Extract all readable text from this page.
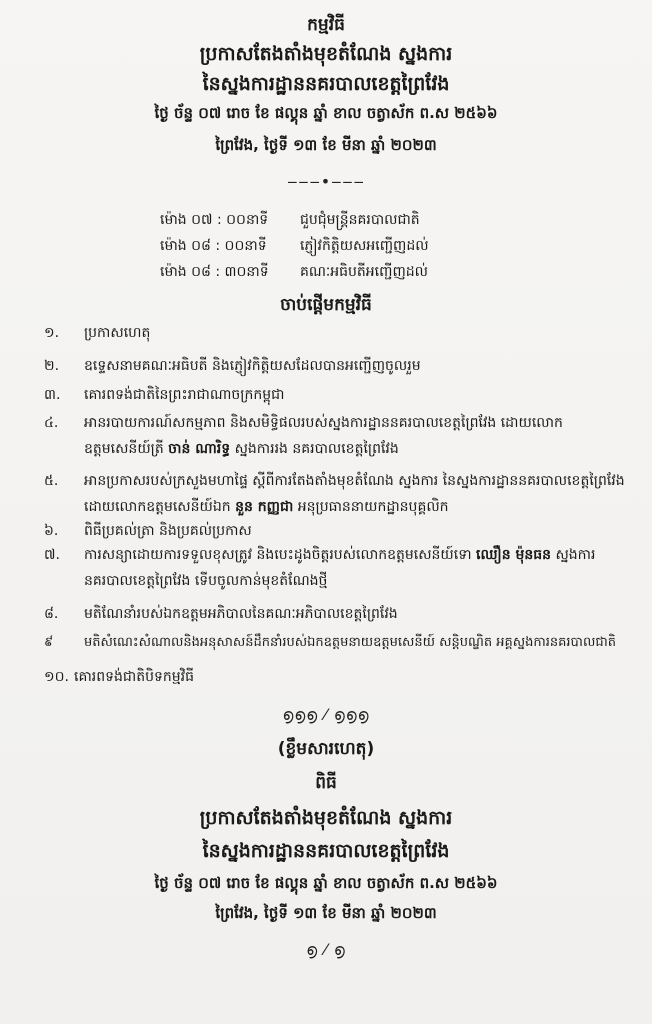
កម្មវិធី
ប្រកាសតែងតាំងមុខតំណែង ស្នងការ
នៃស្នងការដ្ឋាននគរបាលខេត្តព្រៃវែង
ថ្ងៃ ច័ន្ទ ០៧ រោច ខែ ផល្គុន ឆ្នាំ ខាល ចត្វាស័ក ព.ស ២៥៦៦
ព្រៃវែង, ថ្ងៃទី ១៣ ខែ មីនា ឆ្នាំ ២០២៣
‒‒‒•‒‒‒
ម៉ោង ០៧ : ០០នាទី ជួបជុំមន្ត្រីនគរបាលជាតិ
ម៉ោង ០៨ : ០០នាទី ភ្ញៀវកិត្តិយសអញ្ជើញដល់
ម៉ោង ០៨ : ៣០នាទី គណៈអធិបតីអញ្ជើញដល់
ចាប់ផ្តើមកម្មវិធី
១.	ប្រកាសហេតុ
២.	ឧទ្ទេសនាមគណៈអធិបតី និងភ្ញៀវកិត្តិយសដែលបានអញ្ជើញចូលរួម
៣.	គោរពទង់ជាតិនៃព្រះរាជាណាចក្រកម្ពុជា
៤.	អានរបាយការណ៍សកម្មភាព និងសមិទ្ធិផលរបស់ស្នងការដ្ឋាននគរបាលខេត្តព្រៃវែង ដោយលោក
ឧត្តមសេនីយ៍ត្រី ចាន់ ណារិទ្ធ ស្នងការរង នគរបាលខេត្តព្រៃវែង
៥.	អានប្រកាសរបស់ក្រសួងមហាផ្ទៃ ស្តីពីការតែងតាំងមុខតំណែង ស្នងការ នៃស្នងការដ្ឋាននគរបាលខេត្តព្រៃវែង
ដោយលោកឧត្តមសេនីយ៍ឯក នួន កញ្ញជា អនុប្រធាននាយកដ្ឋានបុគ្គលិក
៦.	ពិធីប្រគល់ត្រា និងប្រគល់ប្រកាស
៧.	ការសន្យាដោយការទទួលខុសត្រូវ និងបេះដូងចិត្តរបស់លោកឧត្តមសេនីយ៍ទោ ឈឿន ម៉ុនធន ស្នងការ
នគរបាលខេត្តព្រៃវែង ទើបចូលកាន់មុខតំណែងថ្មី
៨.	មតិណែនាំរបស់ឯកឧត្តមអភិបាលនៃគណៈអភិបាលខេត្តព្រៃវែង
៩	មតិសំណេះសំណាលនិងអនុសាសន៍ដឹកនាំរបស់ឯកឧត្តមនាយឧត្តមសេនីយ៍ សន្តិបណ្ឌិត អគ្គស្នងការនគរបាលជាតិ
១០. គោរពទង់ជាតិបិទកម្មវិធី
൭൭൭ ⁄ ൭൭൭
(ខ្លឹមសារហេតុ)
ពិធី
ប្រកាសតែងតាំងមុខតំណែង ស្នងការ
នៃស្នងការដ្ឋាននគរបាលខេត្តព្រៃវែង
ថ្ងៃ ច័ន្ទ ០៧ រោច ខែ ផល្គុន ឆ្នាំ ខាល ចត្វាស័ក ព.ស ២៥៦៦
ព្រៃវែង, ថ្ងៃទី ១៣ ខែ មីនា ឆ្នាំ ២០២៣
൭ ⁄ ൭
